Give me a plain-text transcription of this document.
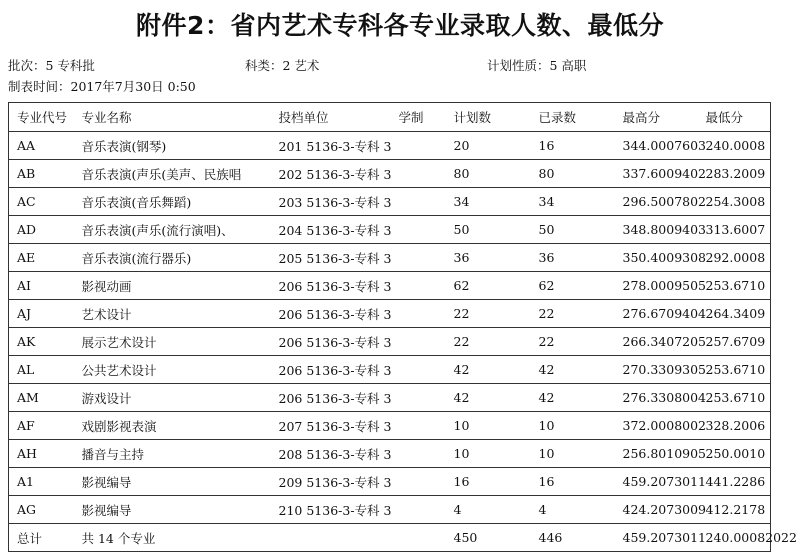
附件2：省内艺术专科各专业录取人数、最低分
批次：5 专科批	科类：2 艺术	计划性质：5 高职
制表时间：2017年7月30日 0:50
专业代号	专业名称	投档单位	学制	计划数	已录数	最高分	最低分
AA	音乐表演(钢琴)	201 5136-3-专科 3		20	16	344.0007603	240.0008
AB	音乐表演(声乐(美声、民族唱	202 5136-3-专科 3		80	80	337.6009402	283.2009
AC	音乐表演(音乐舞蹈)	203 5136-3-专科 3		34	34	296.5007802	254.3008
AD	音乐表演(声乐(流行演唱)、	204 5136-3-专科 3		50	50	348.8009403	313.6007
AE	音乐表演(流行器乐)	205 5136-3-专科 3		36	36	350.4009308	292.0008
AI	影视动画	206 5136-3-专科 3		62	62	278.0009505	253.6710
AJ	艺术设计	206 5136-3-专科 3		22	22	276.6709404	264.3409
AK	展示艺术设计	206 5136-3-专科 3		22	22	266.3407205	257.6709
AL	公共艺术设计	206 5136-3-专科 3		42	42	270.3309305	253.6710
AM	游戏设计	206 5136-3-专科 3		42	42	276.3308004	253.6710
AF	戏剧影视表演	207 5136-3-专科 3		10	10	372.0008002	328.2006
AH	播音与主持	208 5136-3-专科 3		10	10	256.8010905	250.0010
A1	影视编导	209 5136-3-专科 3		16	16	459.2073011	441.2286
AG	影视编导	210 5136-3-专科 3		4	4	424.2073009	412.2178
总计	共 14 个专业			450	446	459.2073011	240.00082022
